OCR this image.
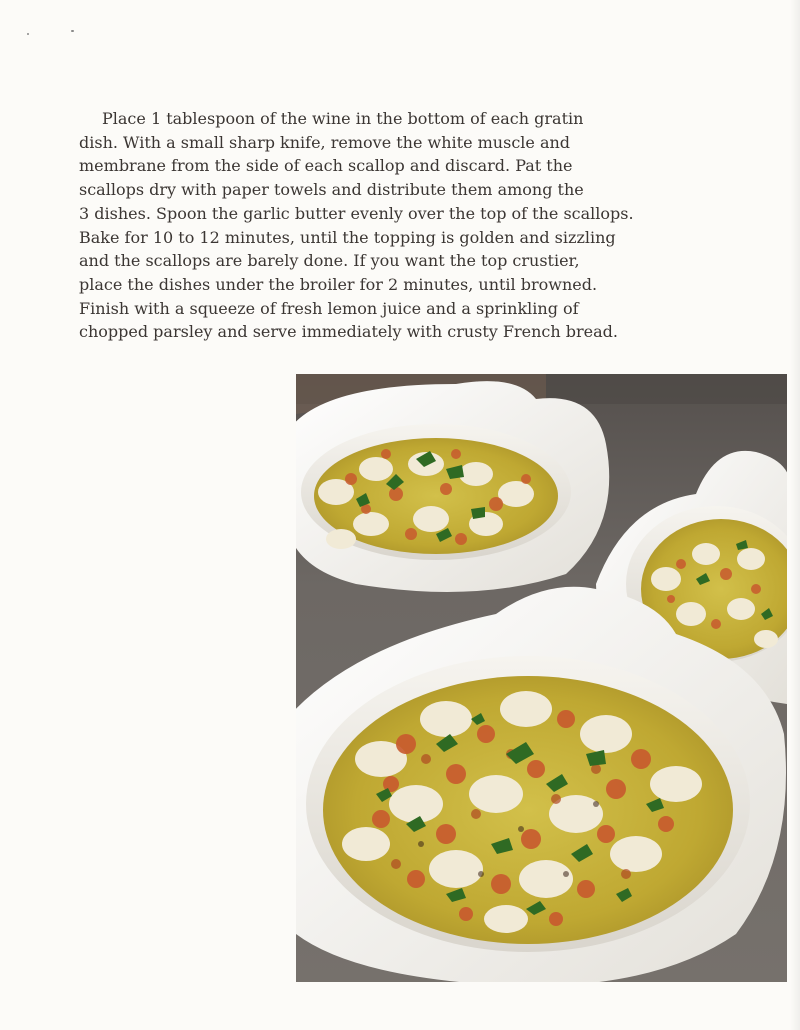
Place 1 tablespoon of the wine in the bottom of each gratin
dish. With a small sharp knife, remove the white muscle and
membrane from the side of each scallop and discard. Pat the
scallops dry with paper towels and distribute them among the
3 dishes. Spoon the garlic butter evenly over the top of the scallops.
Bake for 10 to 12 minutes, until the topping is golden and sizzling
and the scallops are barely done. If you want the top crustier,
place the dishes under the broiler for 2 minutes, until browned.
Finish with a squeeze of fresh lemon juice and a sprinkling of
chopped parsley and serve immediately with crusty French bread.
